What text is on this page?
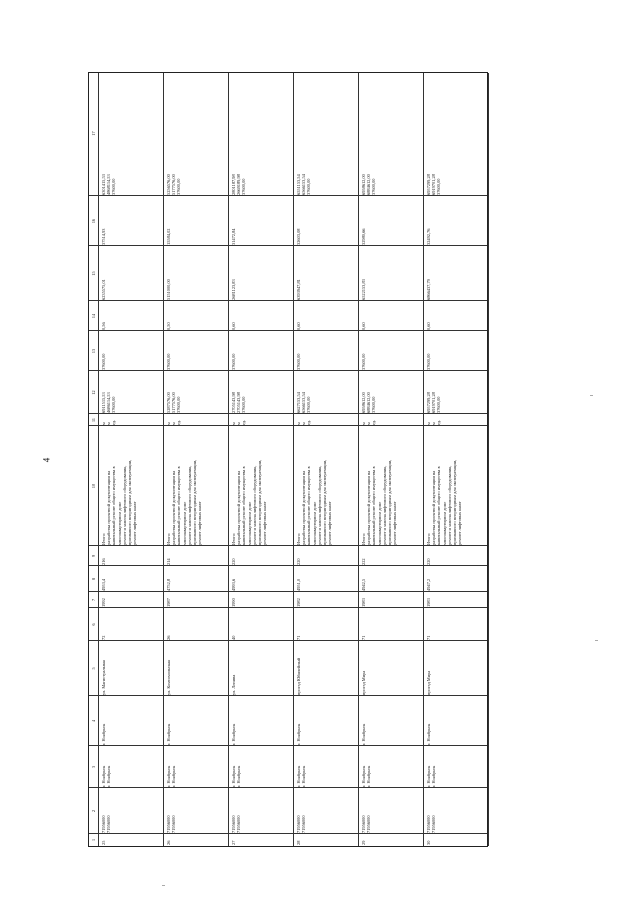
4
1
2
3
4
5
6
7
8
9
10
11
12
13
14
15
16
17
25
71956000
71956000
г. Ноябрьск
г. Ноябрьск
г. Ноябрьск
ул. Магистральная
72
1992
4953,4
216
Итого:
разработка проектной документации на
капитальный ремонт общего имущества в
многоквартирном доме
ремонт и замена лифтового оборудования,
признанного непригодным для эксплуатации,
ремонт лифтовых шахт
м
м
ед.
6911515,53
4686114,53
37600,00
37600,00
0,56
6235575,01
37514,93
6301415,53
4868114,53
37600,00
26
71956000
71956000
г. Ноябрьск
г. Ноябрьск
г. Ноябрьск
ул. Комсомольская
26
1987
4752,8
214
Итого:
разработка проектной документации на
капитальный ремонт общего имущества в
многоквартирном доме
ремонт и замена лифтового оборудования,
признанного непригодным для эксплуатации,
ремонт лифтовых шахт
м
м
ед.
5287576,00
5177576,00
37600,00
37600,00
0,50
5151000,00
15584,02
5256576,00
5177576,00
37600,00
27
71956000
71956000
г. Ноябрьск
г. Ноябрьск
г. Ноябрьск
ул. Ленина
40
1990
4993,6
220
Итого:
разработка проектной документации на
капитальный ремонт общего имущества в
многоквартирном доме
ремонт и замена лифтового оборудования,
признанного непригодным для эксплуатации,
ремонт лифтовых шахт
м
м
ед.
2705143,98
2705143,98
37600,00
37600,00
0,60
2681123,83
31472,84
2801187,98
2669189,98
37600,00
28
71956000
71956000
г. Ноябрьск
г. Ноябрьск
г. Ноябрьск
проезд Юбилейный
71
1982
4951,0
220
Итого:
разработка проектной документации на
капитальный ремонт общего имущества в
многоквартирном доме
ремонт и замена лифтового оборудования,
признанного непригодным для эксплуатации,
ремонт лифтовых шахт
м
м
ед.
6627153,54
6566153,54
37600,00
37600,00
0,60
6393947,81
32603,08
6551153,54
6566153,54
37600,00
29
71956000
71956000
г. Ноябрьск
г. Ноябрьск
г. Ноябрьск
проезд Мира
71
1983
4942,5
222
Итого:
разработка проектной документации на
капитальный ремонт общего имущества в
многоквартирном доме
ремонт и замена лифтового оборудования,
признанного непригодным для эксплуатации,
ремонт лифтовых шахт
м
м
ед.
6958612,00
6884612,00
37600,00
37600,00
0,60
6522153,83
32980,66
6958612,00
6884612,00
37600,00
30
71956000
71956000
г. Ноябрьск
г. Ноябрьск
г. Ноябрьск
проезд Мира
71
1983
4947,2
220
Итого:
разработка проектной документации на
капитальный ремонт общего имущества в
многоквартирном доме
ремонт и замена лифтового оборудования,
признанного непригодным для эксплуатации,
ремонт лифтовых шахт
м
м
ед.
6957299,28
6919701,28
37600,00
37600,00
0,60
6866437,79
32492,76
6957299,28
6919701,28
37600,00
